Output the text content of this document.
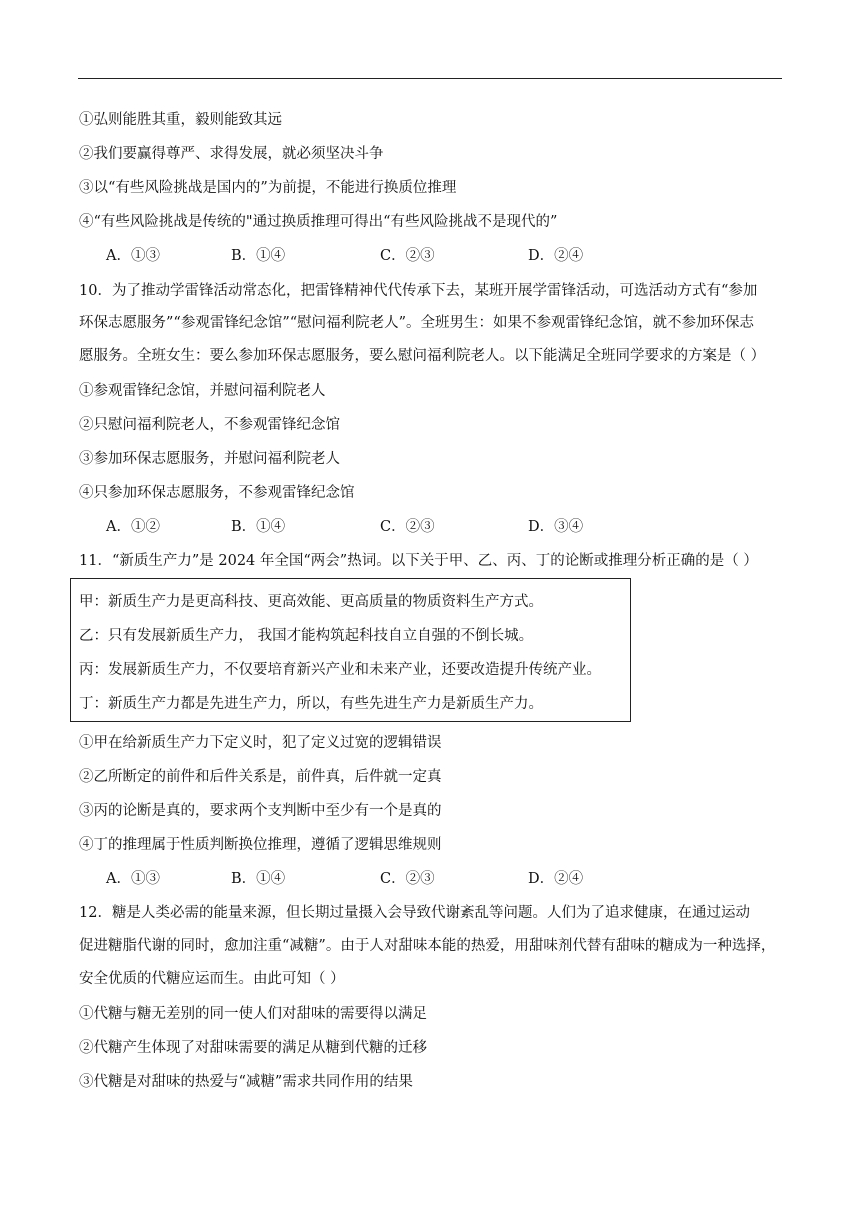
①弘则能胜其重，毅则能致其远
②我们要赢得尊严、求得发展，就必须坚决斗争
③以“有些风险挑战是国内的”为前提，不能进行换质位推理
④“有些风险挑战是传统的"通过换质推理可得出“有些风险挑战不是现代的”
A．①③	B．①④	C．②③	D．②④
10．为了推动学雷锋活动常态化，把雷锋精神代代传承下去，某班开展学雷锋活动，可选活动方式有“参加
环保志愿服务”“参观雷锋纪念馆”“慰问福利院老人”。全班男生：如果不参观雷锋纪念馆，就不参加环保志
愿服务。全班女生：要么参加环保志愿服务，要么慰问福利院老人。以下能满足全班同学要求的方案是（ ）
①参观雷锋纪念馆，并慰问福利院老人
②只慰问福利院老人，不参观雷锋纪念馆
③参加环保志愿服务，并慰问福利院老人
④只参加环保志愿服务，不参观雷锋纪念馆
A．①②	B．①④	C．②③	D．③④
11．“新质生产力”是 2024 年全国“两会”热词。以下关于甲、乙、丙、丁的论断或推理分析正确的是（ ）
甲：新质生产力是更高科技、更高效能、更高质量的物质资料生产方式。
乙：只有发展新质生产力， 我国才能构筑起科技自立自强的不倒长城。
丙：发展新质生产力，不仅要培育新兴产业和未来产业，还要改造提升传统产业。
丁：新质生产力都是先进生产力，所以，有些先进生产力是新质生产力。
①甲在给新质生产力下定义时，犯了定义过宽的逻辑错误
②乙所断定的前件和后件关系是，前件真，后件就一定真
③丙的论断是真的，要求两个支判断中至少有一个是真的
④丁的推理属于性质判断换位推理，遵循了逻辑思维规则
A．①③	B．①④	C．②③	D．②④
12．糖是人类必需的能量来源，但长期过量摄入会导致代谢紊乱等问题。人们为了追求健康，在通过运动
促进糖脂代谢的同时，愈加注重“减糖”。由于人对甜味本能的热爱，用甜味剂代替有甜味的糖成为一种选择，
安全优质的代糖应运而生。由此可知（ ）
①代糖与糖无差别的同一使人们对甜味的需要得以满足
②代糖产生体现了对甜味需要的满足从糖到代糖的迁移
③代糖是对甜味的热爱与“减糖”需求共同作用的结果
